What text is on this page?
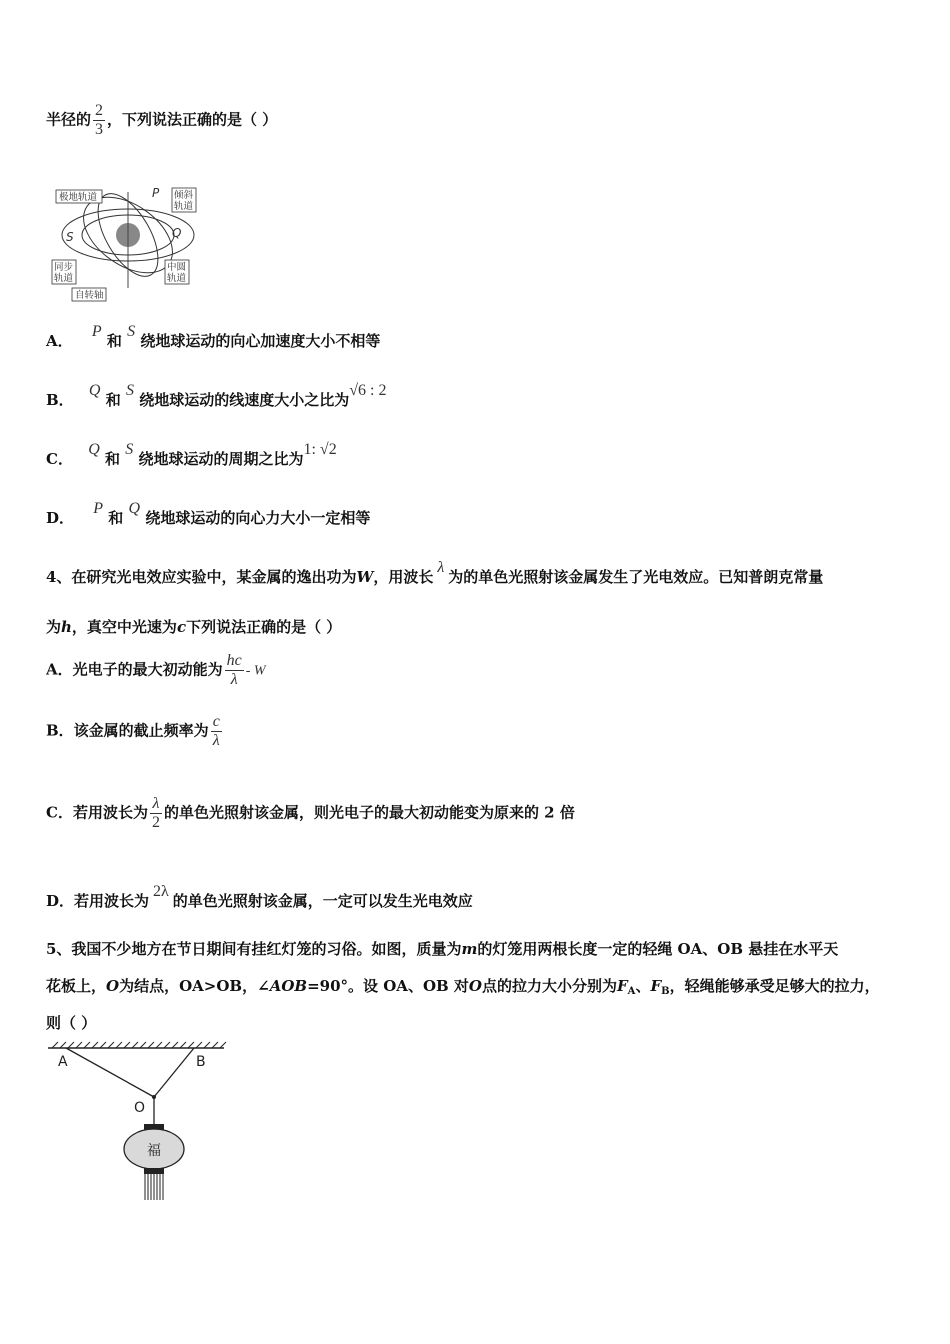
半径的 $\frac{2}{3}$ ，下列说法正确的是（ ）
极地轨道	倾斜
轨道
同步
轨道
中圆
轨道
自转轴
P
S	Q
A． P 和 S 绕地球运动的向心加速度大小不相等
B． Q 和 S 绕地球运动的线速度大小之比为√6 : 2
C． Q 和 S 绕地球运动的周期之比为1: √2
D． P 和 Q 绕地球运动的向心力大小一定相等
4、在研究光电效应实验中，某金属的逸出功为W，用波长λ为的单色光照射该金属发生了光电效应。已知普朗克常量
为h，真空中光速为c下列说法正确的是（ ）
A．光电子的最大初动能为 $\frac{hc}{\lambda}$ - W
B．该金属的截止频率为 $\frac{c}{\lambda}$
C．若用波长为 $\frac{\lambda}{2}$ 的单色光照射该金属，则光电子的最大初动能变为原来的 2 倍
D．若用波长为2λ的单色光照射该金属，一定可以发生光电效应
5、我国不少地方在节日期间有挂红灯笼的习俗。如图，质量为m的灯笼用两根长度一定的轻绳 OA、OB 悬挂在水平天
花板上，O为结点，OA>OB，∠AOB=90°。设 OA、OB 对O点的拉力大小分别为$F_A$、$F_B$，轻绳能够承受足够大的拉力，
则（ ）
A	B
O
福
